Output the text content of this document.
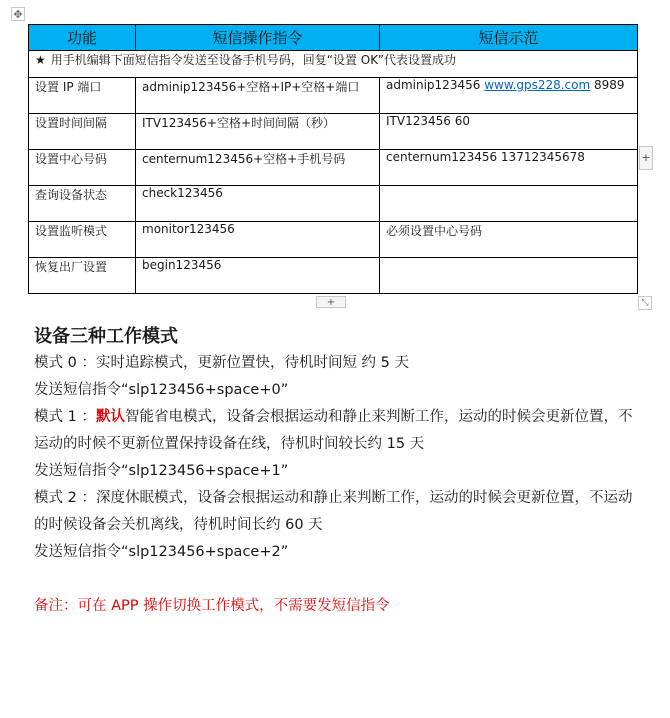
✥
功能	短信操作指令	短信示范
★ 用手机编辑下面短信指令发送至设备手机号码，回复“设置 OK”代表设置成功		
设置 IP 端口	adminip123456+空格+IP+空格+端口	adminip123456 www.gps228.com 8989
设置时间间隔	ITV123456+空格+时间间隔（秒）	ITV123456 60
设置中心号码	centernum123456+空格+手机号码	centernum123456 13712345678
查询设备状态	check123456	
设置监听模式	monitor123456	必须设置中心号码
恢复出厂设置	begin123456	
+
+	⤡
设备三种工作模式

模式 0 ：实时追踪模式，更新位置快，待机时间短 约 5 天

发送短信指令“slp123456+space+0”

模式 1 ：默认智能省电模式，设备会根据运动和静止来判断工作，运动的时候会更新位置，不运动的时候不更新位置保持设备在线，待机时间较长约 15 天

发送短信指令“slp123456+space+1”

模式 2 ：深度休眠模式，设备会根据运动和静止来判断工作，运动的时候会更新位置，不运动的时候设备会关机离线，待机时间长约 60 天

发送短信指令“slp123456+space+2”

备注：可在 APP 操作切换工作模式，不需要发短信指令
